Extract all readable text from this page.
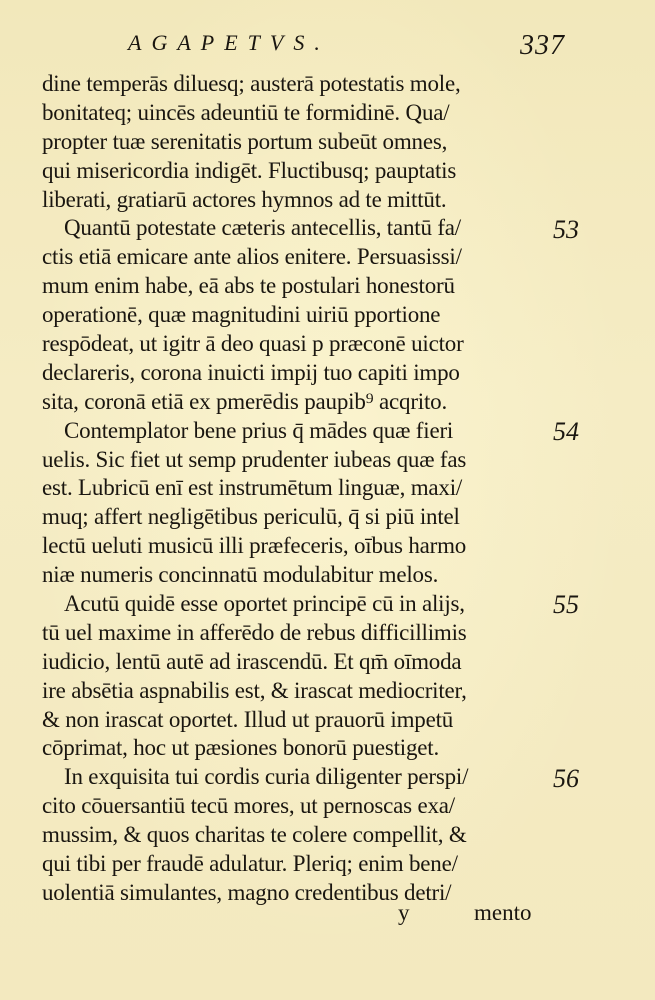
AGAPETVS.	337
dine temperās diluesq; austerā potestatis mole,
bonitateq; uincēs adeuntiū te formidinē. Qua/
propter tuæ serenitatis portum subeūt omnes,
qui misericordia indigēt. Fluctibusq; pauptatis
liberati, gratiarū actores hymnos ad te mittūt.
Quantū potestate cæteris antecellis, tantū fa/
ctis etiā emicare ante alios enitere. Persuasissi/
mum enim habe, eā abs te postulari honestorū
operationē, quæ magnitudini uiriū pportione
respōdeat, ut igitr ā deo quasi p præconē uictor
declareris, corona inuicti impij tuo capiti impo
sita, coronā etiā ex pmerēdis paupib⁹ acqrito.
Contemplator bene prius q̄ mādes quæ fieri
uelis. Sic fiet ut semp prudenter iubeas quæ fas
est. Lubricū enī est instrumētum linguæ, maxi/
muq; affert negligētibus periculū, q̄ si piū intel
lectū ueluti musicū illi præfeceris, oībus harmo
niæ numeris concinnatū modulabitur melos.
Acutū quidē esse oportet principē cū in alijs,
tū uel maxime in afferēdo de rebus difficillimis
iudicio, lentū autē ad irascendū. Et qm̄ oīmoda
ire absētia aspnabilis est, & irascat mediocriter,
& non irascat oportet. Illud ut prauorū impetū
cōprimat, hoc ut pæsiones bonorū puestiget.
In exquisita tui cordis curia diligenter perspi/
cito cōuersantiū tecū mores, ut pernoscas exa/
mussim, & quos charitas te colere compellit, &
qui tibi per fraudē adulatur. Pleriq; enim bene/
uolentiā simulantes, magno credentibus detri/
53
54
55
56
y	mento
